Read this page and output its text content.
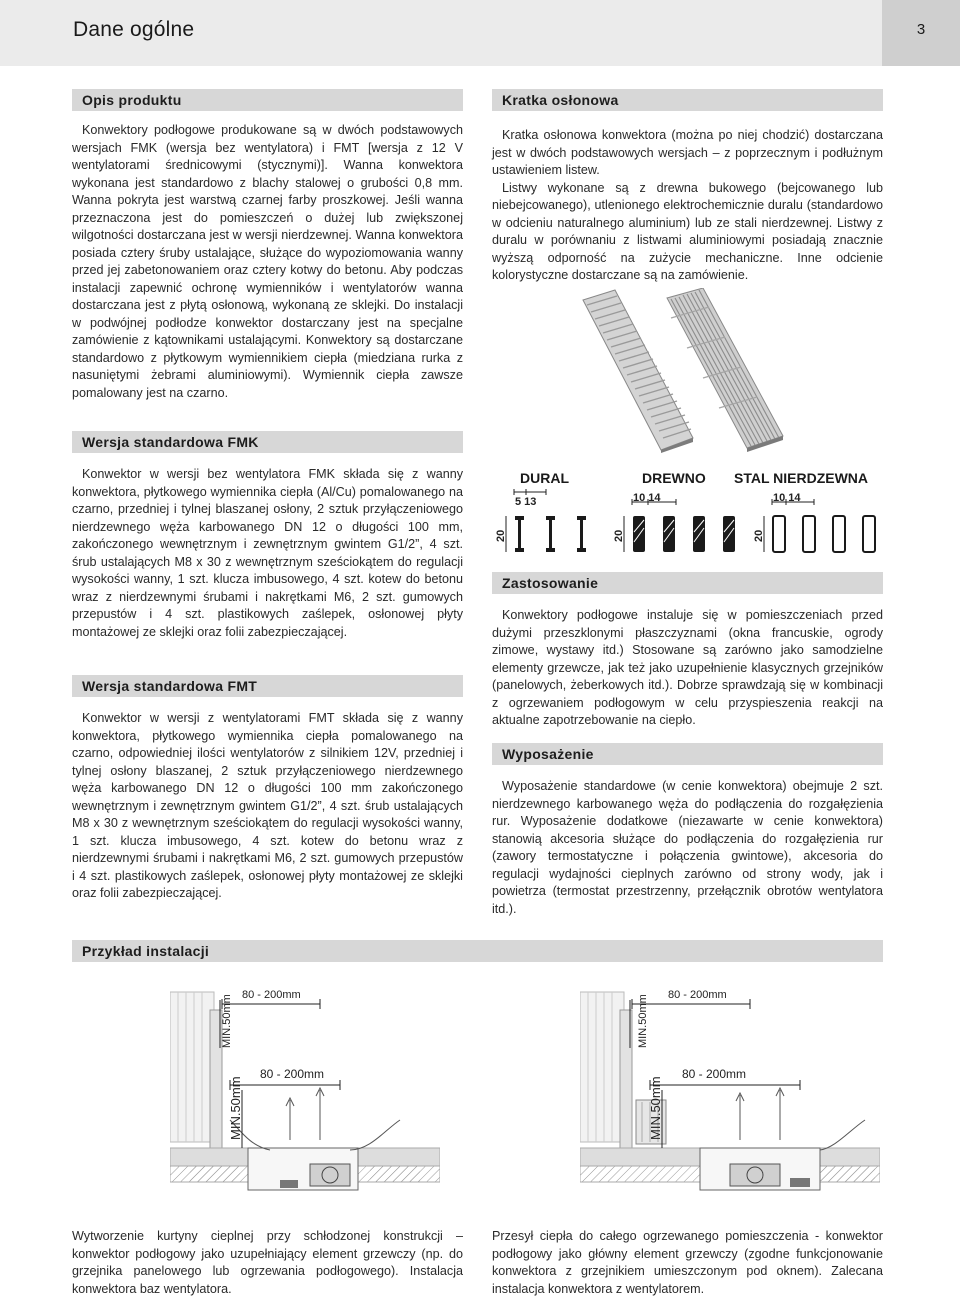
Dane ogólne	3
Opis produktu

Konwektory podłogowe produkowane są w dwóch podstawowych wersjach FMK (wersja bez wentylatora) i FMT [wersja z 12 V wentylatorami średnicowymi (stycznymi)]. Wanna konwektora wykonana jest standardowo z blachy stalowej o grubości 0,8 mm. Wanna pokryta jest warstwą czarnej farby proszkowej. Jeśli wanna przeznaczona jest do pomieszczeń o dużej lub zwiększonej wilgotności dostarczana jest w wersji nierdzewnej. Wanna konwektora posiada cztery śruby ustalające, służące do wypoziomowania wanny przed jej zabetonowaniem oraz cztery kotwy do betonu. Aby podczas instalacji zapewnić ochronę wymienników i wentylatorów wanna dostarczana jest z płytą osłonową, wykonaną ze sklejki. Do instalacji w podwójnej podłodze konwektor dostarczany jest na specjalne zamówienie z kątownikami ustalającymi. Konwektory są dostarczane standardowo z płytkowym wymiennikiem ciepła (miedziana rurka z nasuniętymi żebrami aluminiowymi). Wymiennik ciepła zawsze pomalowany jest na czarno.

Wersja standardowa FMK

Konwektor w wersji bez wentylatora FMK składa się z wanny konwektora, płytkowego wymiennika ciepła (Al/Cu) pomalowanego na czarno, przedniej i tylnej blaszanej osłony, 2 sztuk przyłączeniowego nierdzewnego węża karbowanego DN 12 o długości 100 mm, zakończonego wewnętrznym i zewnętrznym gwintem G1/2”, 4 szt. śrub ustalających M8 x 30 z wewnętrznym sześciokątem do regulacji wysokości wanny, 1 szt. klucza imbusowego, 4 szt. kotew do betonu wraz z nierdzewnymi śrubami i nakrętkami M6, 2 szt. gumowych przepustów i 4 szt. plastikowych zaślepek, osłonowej płyty montażowej ze sklejki oraz folii zabezpieczającej.

Wersja standardowa FMT

Konwektor w wersji z wentylatorami FMT składa się z wanny konwektora, płytkowego wymiennika ciepła pomalowanego na czarno, odpowiedniej ilości wentylatorów z silnikiem 12V, przedniej i tylnej osłony blaszanej, 2 sztuk przyłączeniowego nierdzewnego węża karbowanego DN 12 o długości 100 mm zakończonego wewnętrznym i zewnętrznym gwintem G1/2”, 4 szt. śrub ustalających M8 x 30 z wewnętrznym sześciokątem do regulacji wysokości wanny, 1 szt. klucza imbusowego, 4 szt. kotew do betonu wraz z nierdzewnymi śrubami i nakrętkami M6, 2 szt. gumowych przepustów i 4 szt. plastikowych zaślepek, osłonowej płyty montażowej ze sklejki oraz folii zabezpieczającej.

Kratka osłonowa

Kratka osłonowa konwektora (można po niej chodzić) dostarczana jest w dwóch podstawowych wersjach – z poprzecznym i podłużnym ustawieniem listew.

Listwy wykonane są z drewna bukowego (bejcowanego lub niebejcowanego), utlenionego elektrochemicznie duralu (standardowo w odcieniu naturalnego aluminium) lub ze stali nierdzewnej. Listwy z duralu w porównaniu z listwami aluminiowymi posiadają znacznie wyższą odporność na zużycie mechaniczne. Inne odcienie kolorystyczne dostarczane są na zamówienie.

DURAL	DREWNO STAL NIERDZEWNA
5 13
20
10 14
20
10 14
20
Zastosowanie

Konwektory podłogowe instaluje się w pomieszczeniach przed dużymi przeszklonymi płaszczyznami (okna francuskie, ogrody zimowe, wystawy itd.) Stosowane są zarówno jako samodzielne elementy grzewcze, jak też jako uzupełnienie klasycznych grzejników (panelowych, żeberkowych itd.). Dobrze sprawdzają się w kombinacji z ogrzewaniem podłogowym w celu przyspieszenia reakcji na aktualne zapotrzebowanie na ciepło.

Wyposażenie

Wyposażenie standardowe (w cenie konwektora) obejmuje 2 szt. nierdzewnego karbowanego węża do podłączenia do rozgałęzienia rur. Wyposażenie dodatkowe (niezawarte w cenie konwektora) stanowią akcesoria służące do podłączenia do rozgałęzienia rur (zawory termostatyczne i połączenia gwintowe), akcesoria do regulacji wydajności cieplnych zarówno od strony wody, jak i powietrza (termostat przestrzenny, przełącznik obrotów wentylatora itd.).

Przykład instalacji
80 - 200mm
80 - 200mm
MIN.50mm
MIN.50mm
80 - 200mm
80 - 200mm
MIN.50mm
MIN.50mm
Wytworzenie kurtyny cieplnej przy schłodzonej konstrukcji – konwektor podłogowy jako uzupełniający element grzewczy (np. do grzejnika panelowego lub ogrzewania podłogowego). Instalacja konwektora baz wentylatora.
Przesył ciepła do całego ogrzewanego pomieszczenia - konwektor podłogowy jako główny element grzewczy (zgodne funkcjonowanie konwektora z grzejnikiem umieszczonym pod oknem). Zalecana instalacja konwektora z wentylatorem.
